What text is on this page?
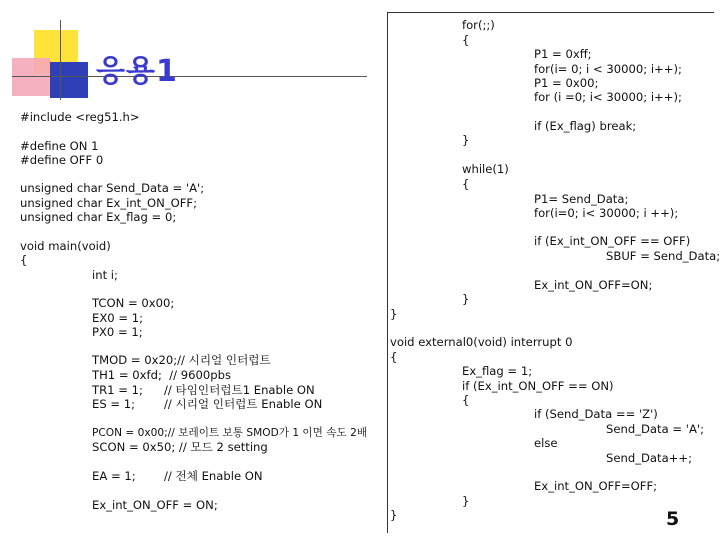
응용1
#include <reg51.h>
#define ON 1
#define OFF 0
unsigned char Send_Data = 'A';
unsigned char Ex_int_ON_OFF;
unsigned char Ex_flag = 0;
void main(void)
{
int i;
TCON = 0x00;
EX0 = 1;
PX0 = 1;
TMOD = 0x20;// 시리얼 인터럽트
TH1 = 0xfd;  // 9600pbs
TR1 = 1; // 타임인터럽트1 Enable ON
ES = 1; // 시리얼 인터럽트 Enable ON
PCON = 0x00;// 보레이트 보통 SMOD가 1 이면 속도 2배
SCON = 0x50; // 모드 2 setting
EA = 1; // 전체 Enable ON
Ex_int_ON_OFF = ON;
for(;;)
{
P1 = 0xff;
for(i= 0; i < 30000; i++);
P1 = 0x00;
for (i =0; i< 30000; i++);
if (Ex_flag) break;
}
while(1)
{
P1= Send_Data;
for(i=0; i< 30000; i ++);
if (Ex_int_ON_OFF == OFF)
SBUF = Send_Data;
Ex_int_ON_OFF=ON;
}
}
void external0(void) interrupt 0
{
Ex_flag = 1;
if (Ex_int_ON_OFF == ON)
{
if (Send_Data == 'Z')
Send_Data = 'A';
else
Send_Data++;
Ex_int_ON_OFF=OFF;
}
}	5
